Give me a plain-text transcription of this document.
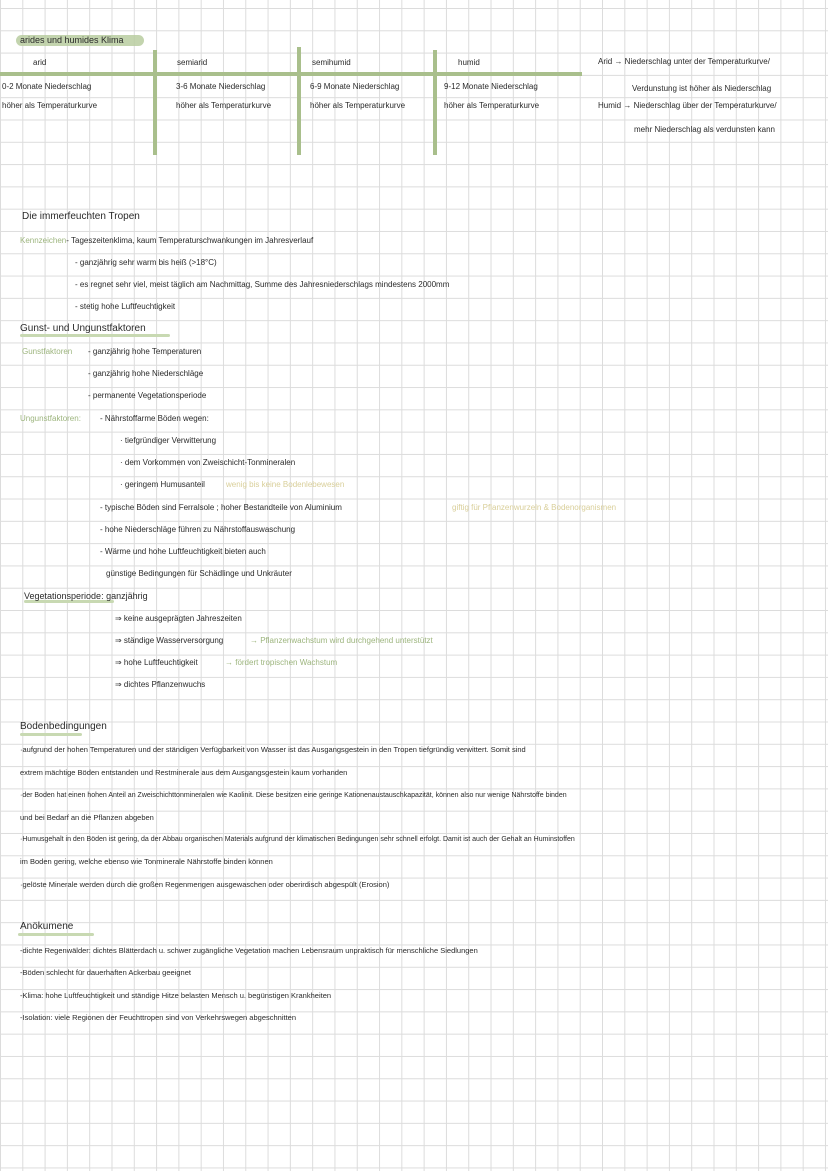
arides und humides Klima
arid	semiarid	semihumid	humid
0-2 Monate Niederschlag	3-6 Monate Niederschlag	6-9 Monate Niederschlag	9-12 Monate Niederschlag
höher als Temperaturkurve	höher als Temperaturkurve	höher als Temperaturkurve	höher als Temperaturkurve
Arid → Niederschlag unter der Temperaturkurve/
Verdunstung ist höher als Niederschlag
Humid → Niederschlag über der Temperaturkurve/
mehr Niederschlag als verdunsten kann
Die immerfeuchten Tropen
Kennzeichen- Tageszeitenklima, kaum Temperaturschwankungen im Jahresverlauf
- ganzjährig sehr warm bis heiß (>18°C)
- es regnet sehr viel, meist täglich am Nachmittag, Summe des Jahresniederschlags mindestens 2000mm
- stetig hohe Luftfeuchtigkeit
Gunst- und Ungunstfaktoren
Gunstfaktoren - ganzjährig hohe Temperaturen
- ganzjährig hohe Niederschläge
- permanente Vegetationsperiode
Ungunstfaktoren: - Nährstoffarme Böden wegen:
· tiefgründiger Verwitterung
· dem Vorkommen von Zweischicht-Tonmineralen
· geringem Humusanteil	wenig bis keine Bodenlebewesen
- typische Böden sind Ferralsole ; hoher Bestandteile von Aluminium	giftig für Pflanzenwurzeln & Bodenorganismen
- hohe Niederschläge führen zu Nährstoffauswaschung
- Wärme und hohe Luftfeuchtigkeit bieten auch
günstige Bedingungen für Schädlinge und Unkräuter
Vegetationsperiode: ganzjährig
⇒ keine ausgeprägten Jahreszeiten
⇒ ständige Wasserversorgung	→ Pflanzenwachstum wird durchgehend unterstützt
⇒ hohe Luftfeuchtigkeit	→ fördert tropischen Wachstum
⇒ dichtes Pflanzenwuchs
Bodenbedingungen
·aufgrund der hohen Temperaturen und der ständigen Verfügbarkeit von Wasser ist das Ausgangsgestein in den Tropen tiefgründig verwittert. Somit sind
extrem mächtige Böden entstanden und Restminerale aus dem Ausgangsgestein kaum vorhanden
·der Boden hat einen hohen Anteil an Zweischichttonmineralen wie Kaolinit. Diese besitzen eine geringe Kationenaustauschkapazität, können also nur wenige Nährstoffe binden
und bei Bedarf an die Pflanzen abgeben
·Humusgehalt in den Böden ist gering, da der Abbau organischen Materials aufgrund der klimatischen Bedingungen sehr schnell erfolgt. Damit ist auch der Gehalt an Huminstoffen
im Boden gering, welche ebenso wie Tonminerale Nährstoffe binden können
·gelöste Minerale werden durch die großen Regenmengen ausgewaschen oder oberirdisch abgespült (Erosion)
Anökumene
-dichte Regenwälder: dichtes Blätterdach u. schwer zugängliche Vegetation machen Lebensraum unpraktisch für menschliche Siedlungen
-Böden schlecht für dauerhaften Ackerbau geeignet
-Klima: hohe Luftfeuchtigkeit und ständige Hitze belasten Mensch u. begünstigen Krankheiten
-Isolation: viele Regionen der Feuchttropen sind von Verkehrswegen abgeschnitten
